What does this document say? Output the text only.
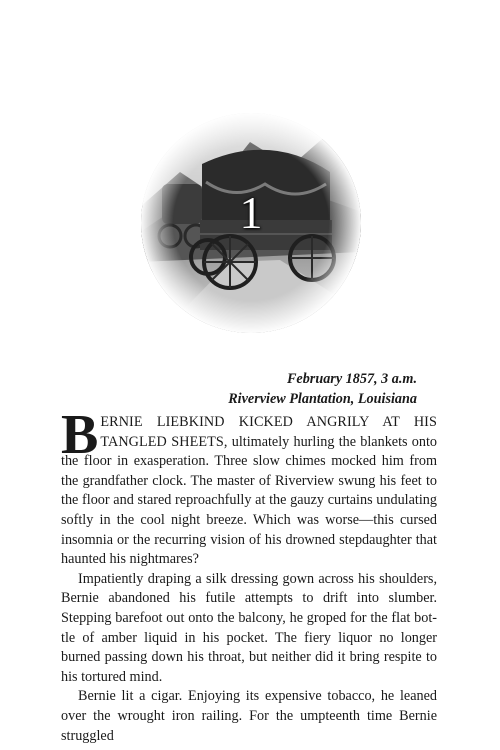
1
February 1857, 3 a.m.
Riverview Plantation, Louisiana

BERNIE LIEBKIND KICKED ANGRILY AT HIS TANGLED SHEETS, ultimately hurling the blankets onto the floor in exasperation. Three slow chimes mocked him from the grandfather clock. The master of Riverview swung his feet to the floor and stared reproachfully at the gauzy curtains undulating softly in the cool night breeze. Which was worse—this cursed insomnia or the recurring vision of his drowned stepdaughter that haunted his nightmares?

Impatiently draping a silk dressing gown across his shoulders, Bernie abandoned his futile attempts to drift into slumber. Stepping barefoot out onto the balcony, he groped for the flat bottle of amber liquid in his pocket. The fiery liquor no longer burned passing down his throat, but neither did it bring respite to his tortured mind.

Bernie lit a cigar. Enjoying its expensive tobacco, he leaned over the wrought iron railing. For the umpteenth time Bernie struggled
